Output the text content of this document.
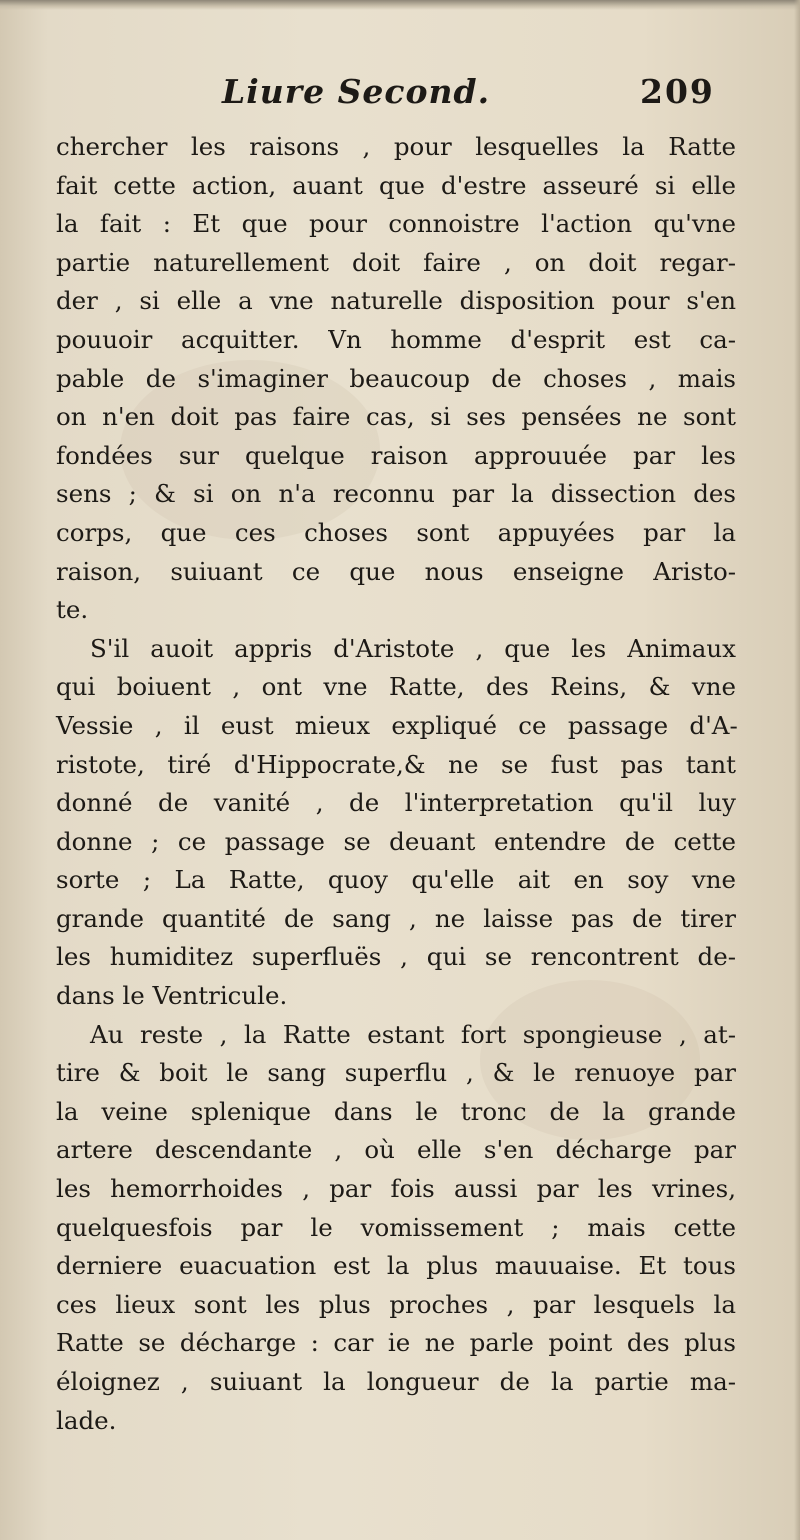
Liure Second.	209
chercher les raisons , pour lesquelles la Ratte
fait cette action, auant que d'estre asseuré si elle
la fait : Et que pour connoistre l'action qu'vne
partie naturellement doit faire , on doit regar-
der , si elle a vne naturelle disposition pour s'en
pouuoir acquitter. Vn homme d'esprit est ca-
pable de s'imaginer beaucoup de choses , mais
on n'en doit pas faire cas, si ses pensées ne sont
fondées sur quelque raison approuuée par les
sens ; & si on n'a reconnu par la dissection des
corps, que ces choses sont appuyées par la
raison, suiuant ce que nous enseigne Aristo-
te.
S'il auoit appris d'Aristote , que les Animaux
qui boiuent , ont vne Ratte, des Reins, & vne
Vessie , il eust mieux expliqué ce passage d'A-
ristote, tiré d'Hippocrate,& ne se fust pas tant
donné de vanité , de l'interpretation qu'il luy
donne ; ce passage se deuant entendre de cette
sorte ; La Ratte, quoy qu'elle ait en soy vne
grande quantité de sang , ne laisse pas de tirer
les humiditez superfluës , qui se rencontrent de-
dans le Ventricule.
Au reste , la Ratte estant fort spongieuse , at-
tire & boit le sang superflu , & le renuoye par
la veine splenique dans le tronc de la grande
artere descendante , où elle s'en décharge par
les hemorrhoides , par fois aussi par les vrines,
quelquesfois par le vomissement ; mais cette
derniere euacuation est la plus mauuaise. Et tous
ces lieux sont les plus proches , par lesquels la
Ratte se décharge : car ie ne parle point des plus
éloignez , suiuant la longueur de la partie ma-
lade.
